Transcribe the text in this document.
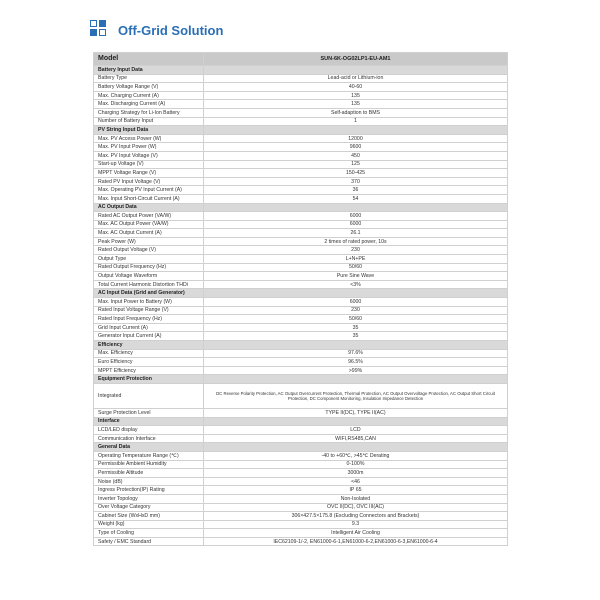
Off-Grid Solution
Model	SUN-6K-OG02LP1-EU-AM1
Battery Input Data	
Battery Type	Lead-acid or Lithium-ion
Battery Voltage Range (V)	40-60
Max. Charging Current (A)	135
Max. Discharging Current (A)	135
Charging Strategy for Li-Ion Battery	Self-adaption to BMS
Number of Battery Input	1
PV String Input Data	
Max. PV Access Power (W)	12000
Max. PV Input Power (W)	9600
Max. PV Input Voltage (V)	450
Start-up Voltage (V)	125
MPPT Voltage Range (V)	150-425
Rated PV Input Voltage (V)	370
Max. Operating PV Input Current (A)	36
Max. Input Short-Circuit Current (A)	54
AC Output Data	
Rated AC Output Power (VA/W)	6000
Max. AC Output Power (VA/W)	6000
Max. AC Output Current (A)	26.1
Peak Power (W)	2 times of rated power, 10s
Rated Output Voltage (V)	230
Output Type	L+N+PE
Rated Output Frequency (Hz)	50/60
Output Voltage Waveform	Pure Sine Wave
Total Current Harmonic Distortion THDi	<3%
AC Input Data (Grid and Generator)	
Max. Input Power to Battery (W)	6000
Rated Input Voltage Range (V)	230
Rated Input Frequency (Hz)	50/60
Grid Input Current (A)	35
Generator Input Current (A)	35
Efficiency	
Max. Efficiency	97.6%
Euro Efficiency	96.5%
MPPT Efficiency	>99%
Equipment Protection	
Integrated	DC Reverse Polarity Protection, AC Output Overcurrent Protection, Thermal Protection, AC Output Overvoltage Protection, AC Output Short Circuit Protection, DC Component Monitoring, Insulation Impedance Detection
Surge Protection Level	TYPE II(DC), TYPE II(AC)
Interface	
LCD/LED display	LCD
Communication Interface	WIFI,RS485,CAN
General Data	
Operating Temperature Range (℃)	-40 to +60℃, >45℃ Derating
Permissible Ambient Humidity	0-100%
Permissible Altitude	3000m
Noise (dB)	<46
Ingress Protection(IP) Rating	IP 65
Inverter Topology	Non-Isolated
Over Voltage Category	OVC II(DC), OVC III(AC)
Cabinet Size (WxHxD mm)	306×427.5×175.8 (Excluding Connectors and Brackets)
Weight (kg)	9.3
Type of Cooling	Intelligent Air Cooling
Safety / EMC Standard	IEC62109-1/-2, EN61000-6-1,EN61000-6-2,EN61000-6-3,EN61000-6-4
